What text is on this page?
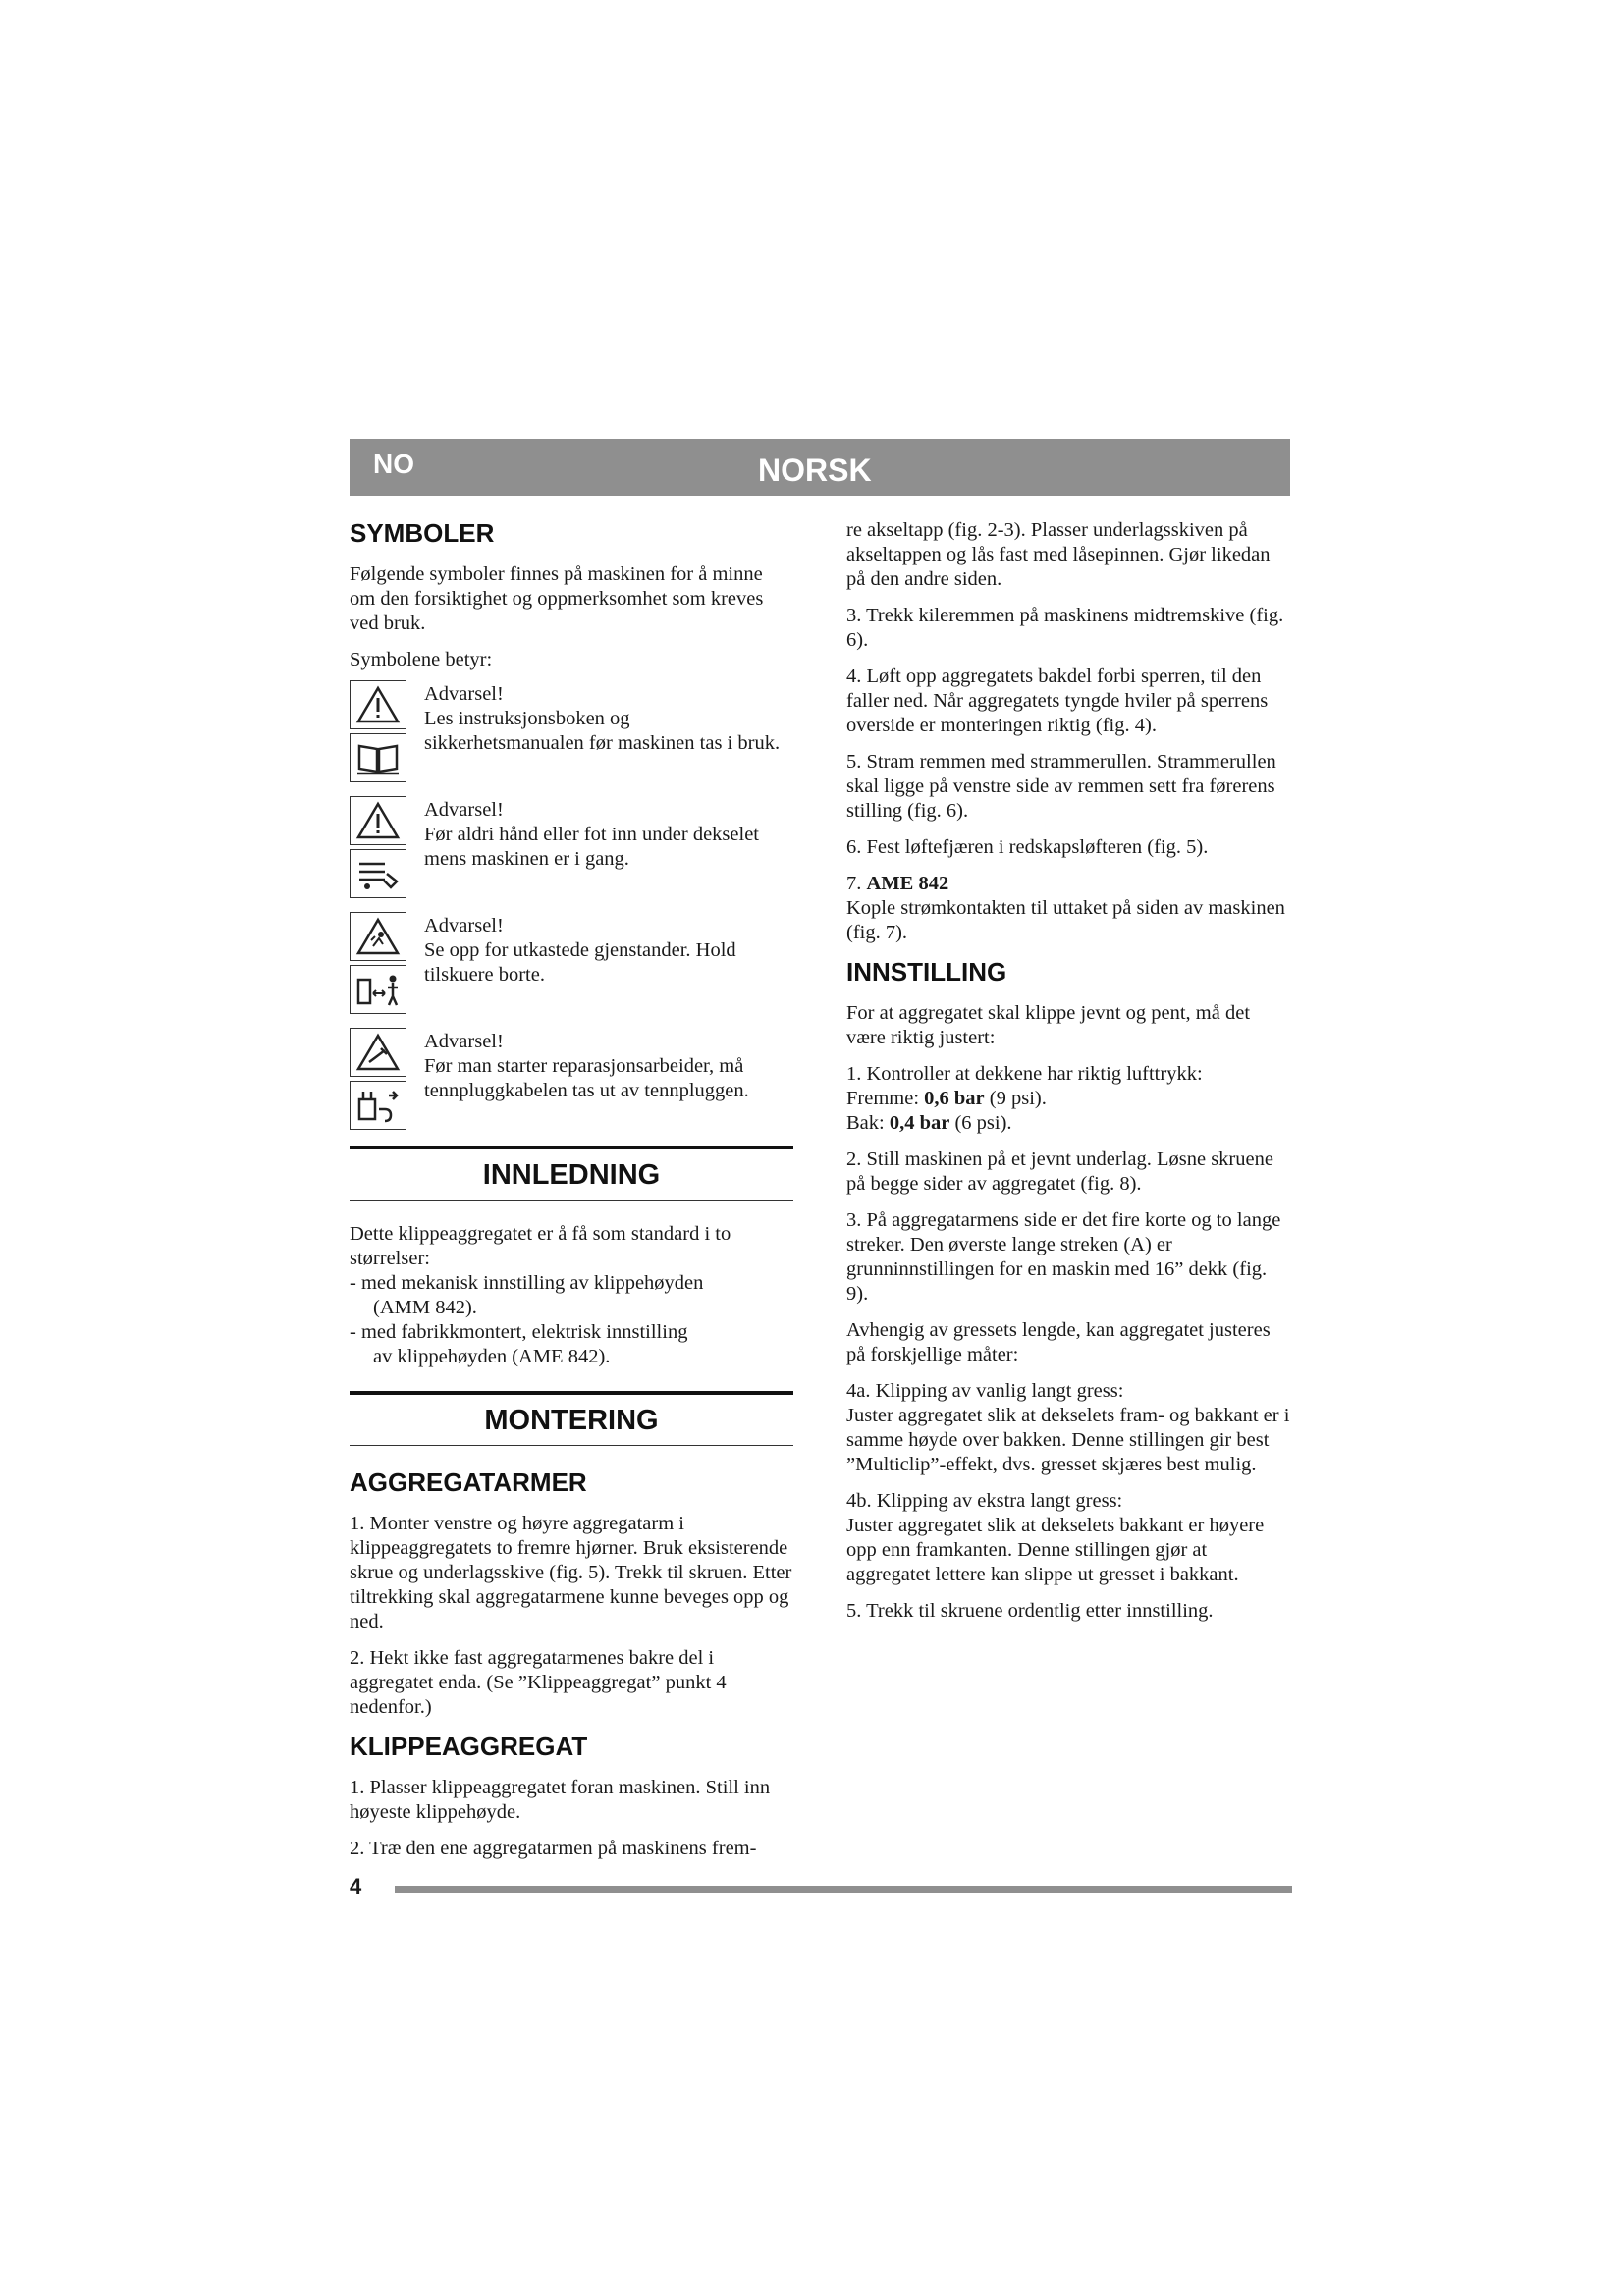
NO	NORSK
SYMBOLER

Følgende symboler finnes på maskinen for å minne om den forsiktighet og oppmerksomhet som kreves ved bruk.

Symbolene betyr:

Advarsel!
Les instruksjonsboken og sikkerhetsmanualen før maskinen tas i bruk.
Advarsel!
Før aldri hånd eller fot inn under dekselet mens maskinen er i gang.
Advarsel!
Se opp for utkastede gjenstander. Hold tilskuere borte.
Advarsel!
Før man starter reparasjonsarbeider, må tennpluggkabelen tas ut av tennpluggen.
INNLEDNING
Dette klippeaggregatet er å få som standard i to størrelser:
- med mekanisk innstilling av klippehøyden
(AMM 842).
- med fabrikkmontert, elektrisk innstilling
av klippehøyden (AME 842).
MONTERING
AGGREGATARMER

1. Monter venstre og høyre aggregatarm i klippeaggregatets to fremre hjørner. Bruk eksisterende skrue og underlagsskive (fig. 5). Trekk til skruen. Etter tiltrekking skal aggregatarmene kunne beveges opp og ned.

2. Hekt ikke fast aggregatarmenes bakre del i aggregatet enda. (Se ”Klippeaggregat” punkt 4 nedenfor.)

KLIPPEAGGREGAT

1. Plasser klippeaggregatet foran maskinen. Still inn høyeste klippehøyde.

2. Træ den ene aggregatarmen på maskinens frem-

re akseltapp (fig. 2-3). Plasser underlagsskiven på akseltappen og lås fast med låsepinnen. Gjør likedan på den andre siden.

3. Trekk kileremmen på maskinens midtremskive (fig. 6).

4. Løft opp aggregatets bakdel forbi sperren, til den faller ned. Når aggregatets tyngde hviler på sperrens overside er monteringen riktig (fig. 4).

5. Stram remmen med strammerullen. Strammerullen skal ligge på venstre side av remmen sett fra førerens stilling (fig. 6).

6. Fest løftefjæren i redskapsløfteren (fig. 5).

7. AME 842
Kople strømkontakten til uttaket på siden av maskinen (fig. 7).

INNSTILLING

For at aggregatet skal klippe jevnt og pent, må det være riktig justert:

1. Kontroller at dekkene har riktig lufttrykk:
Fremme: 0,6 bar (9 psi).
Bak: 0,4 bar (6 psi).

2. Still maskinen på et jevnt underlag. Løsne skruene på begge sider av aggregatet (fig. 8).

3. På aggregatarmens side er det fire korte og to lange streker. Den øverste lange streken (A) er grunninnstillingen for en maskin med 16” dekk (fig. 9).

Avhengig av gressets lengde, kan aggregatet justeres på forskjellige måter:

4a. Klipping av vanlig langt gress:
Juster aggregatet slik at dekselets fram- og bakkant er i samme høyde over bakken. Denne stillingen gir best ”Multiclip”-effekt, dvs. gresset skjæres best mulig.

4b. Klipping av ekstra langt gress:
Juster aggregatet slik at dekselets bakkant er høyere opp enn framkanten. Denne stillingen gjør at aggregatet lettere kan slippe ut gresset i bakkant.

5. Trekk til skruene ordentlig etter innstilling.

4
